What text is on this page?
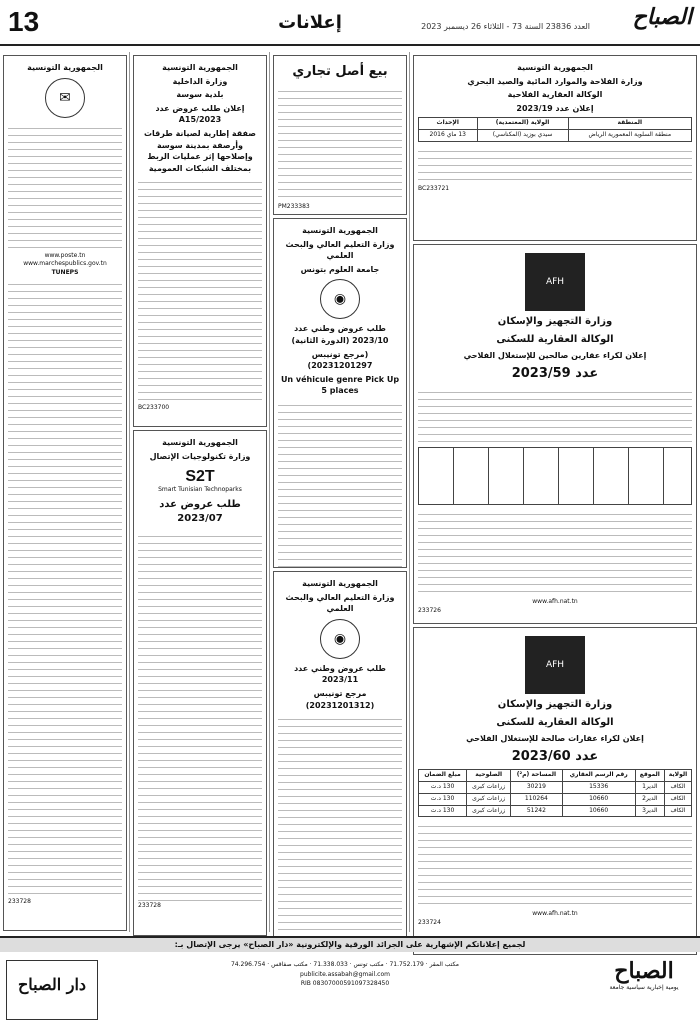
13	إعلانات	الصباح
العدد 23836 السنة 73 - الثلاثاء 26 ديسمبر 2023
الجمهورية التونسية
وزارة الفلاحة والموارد المائية والصيد البحري
الوكالة العقارية الفلاحية
إعلان عدد 2023/19
المنطقة	الولاية (المعتمدية)	الإحداث
منطقة السلوية المعمورية الرياض	سيدي بوزيد (المكناسي)	13 ماي 2016
BC233721
AFH
وزارة التجهيز والإسكان
الوكالة العقارية للسكنى
إعلان لكراء عقارين صالحين للإستغلال الفلاحي
عدد 2023/59
www.afh.nat.tn
233726
AFH
وزارة التجهيز والإسكان
الوكالة العقارية للسكنى
إعلان لكراء عقارات صالحة للإستغلال الفلاحي
عدد 2023/60
الولاية	الموقع	رقم الرسم العقاري	المساحة (م²)	الصلوحية	مبلغ الضمان
الكاف	الدير1	15336	30219	زراعات كبرى	130 د.ت
الكاف	الدير2	10660	110264	زراعات كبرى	130 د.ت
الكاف	الدير3	10660	51242	زراعات كبرى	130 د.ت
www.afh.nat.tn
233724
بيع أصل تجاري
PM233383
الجمهورية التونسية
وزارة التعليم العالي والبحث العلمي
جامعة العلوم بتونس
◉
طلب عروض وطني عدد 2023/10 (الدورة الثانية)
(مرجع تونيبس 20231201297)
Un véhicule genre Pick Up 5 places
الجمهورية التونسية
وزارة التعليم العالي والبحث العلمي
◉
طلب عروض وطني عدد 2023/11
مرجع تونيبس (20231201312)
الجمهورية التونسية
وزارة الداخلية
بلدية سوسة
إعلان طلب عروض عدد 2023/A15
صفقة إطارية لصيانة طرقات وأرصفة بمدينة سوسة وإصلاحها إثر عمليات الربط بمختلف الشبكات العمومية
BC233700
الجمهورية التونسية
وزارة تكنولوجيات الإتصال
S2T
Smart Tunisian Technoparks
طلب عروض عدد 2023/07
233728
الجمهورية التونسية
✉
www.poste.tn
www.marchespublics.gov.tn
TUNEPS
233728
لجميع إعلاناتكم الإشهارية على الجرائد الورقية والإلكترونية «دار الصباح» يرجى الإتصال بـ:
دار الصباح
مكتب المقر · 71.752.179 · مكتب تونس · 71.338.033 · مكتب صفاقس · 74.296.754
publicite.assabah@gmail.com
RIB 08307000591097328450	الصباح
يومية إخبارية سياسية جامعة
